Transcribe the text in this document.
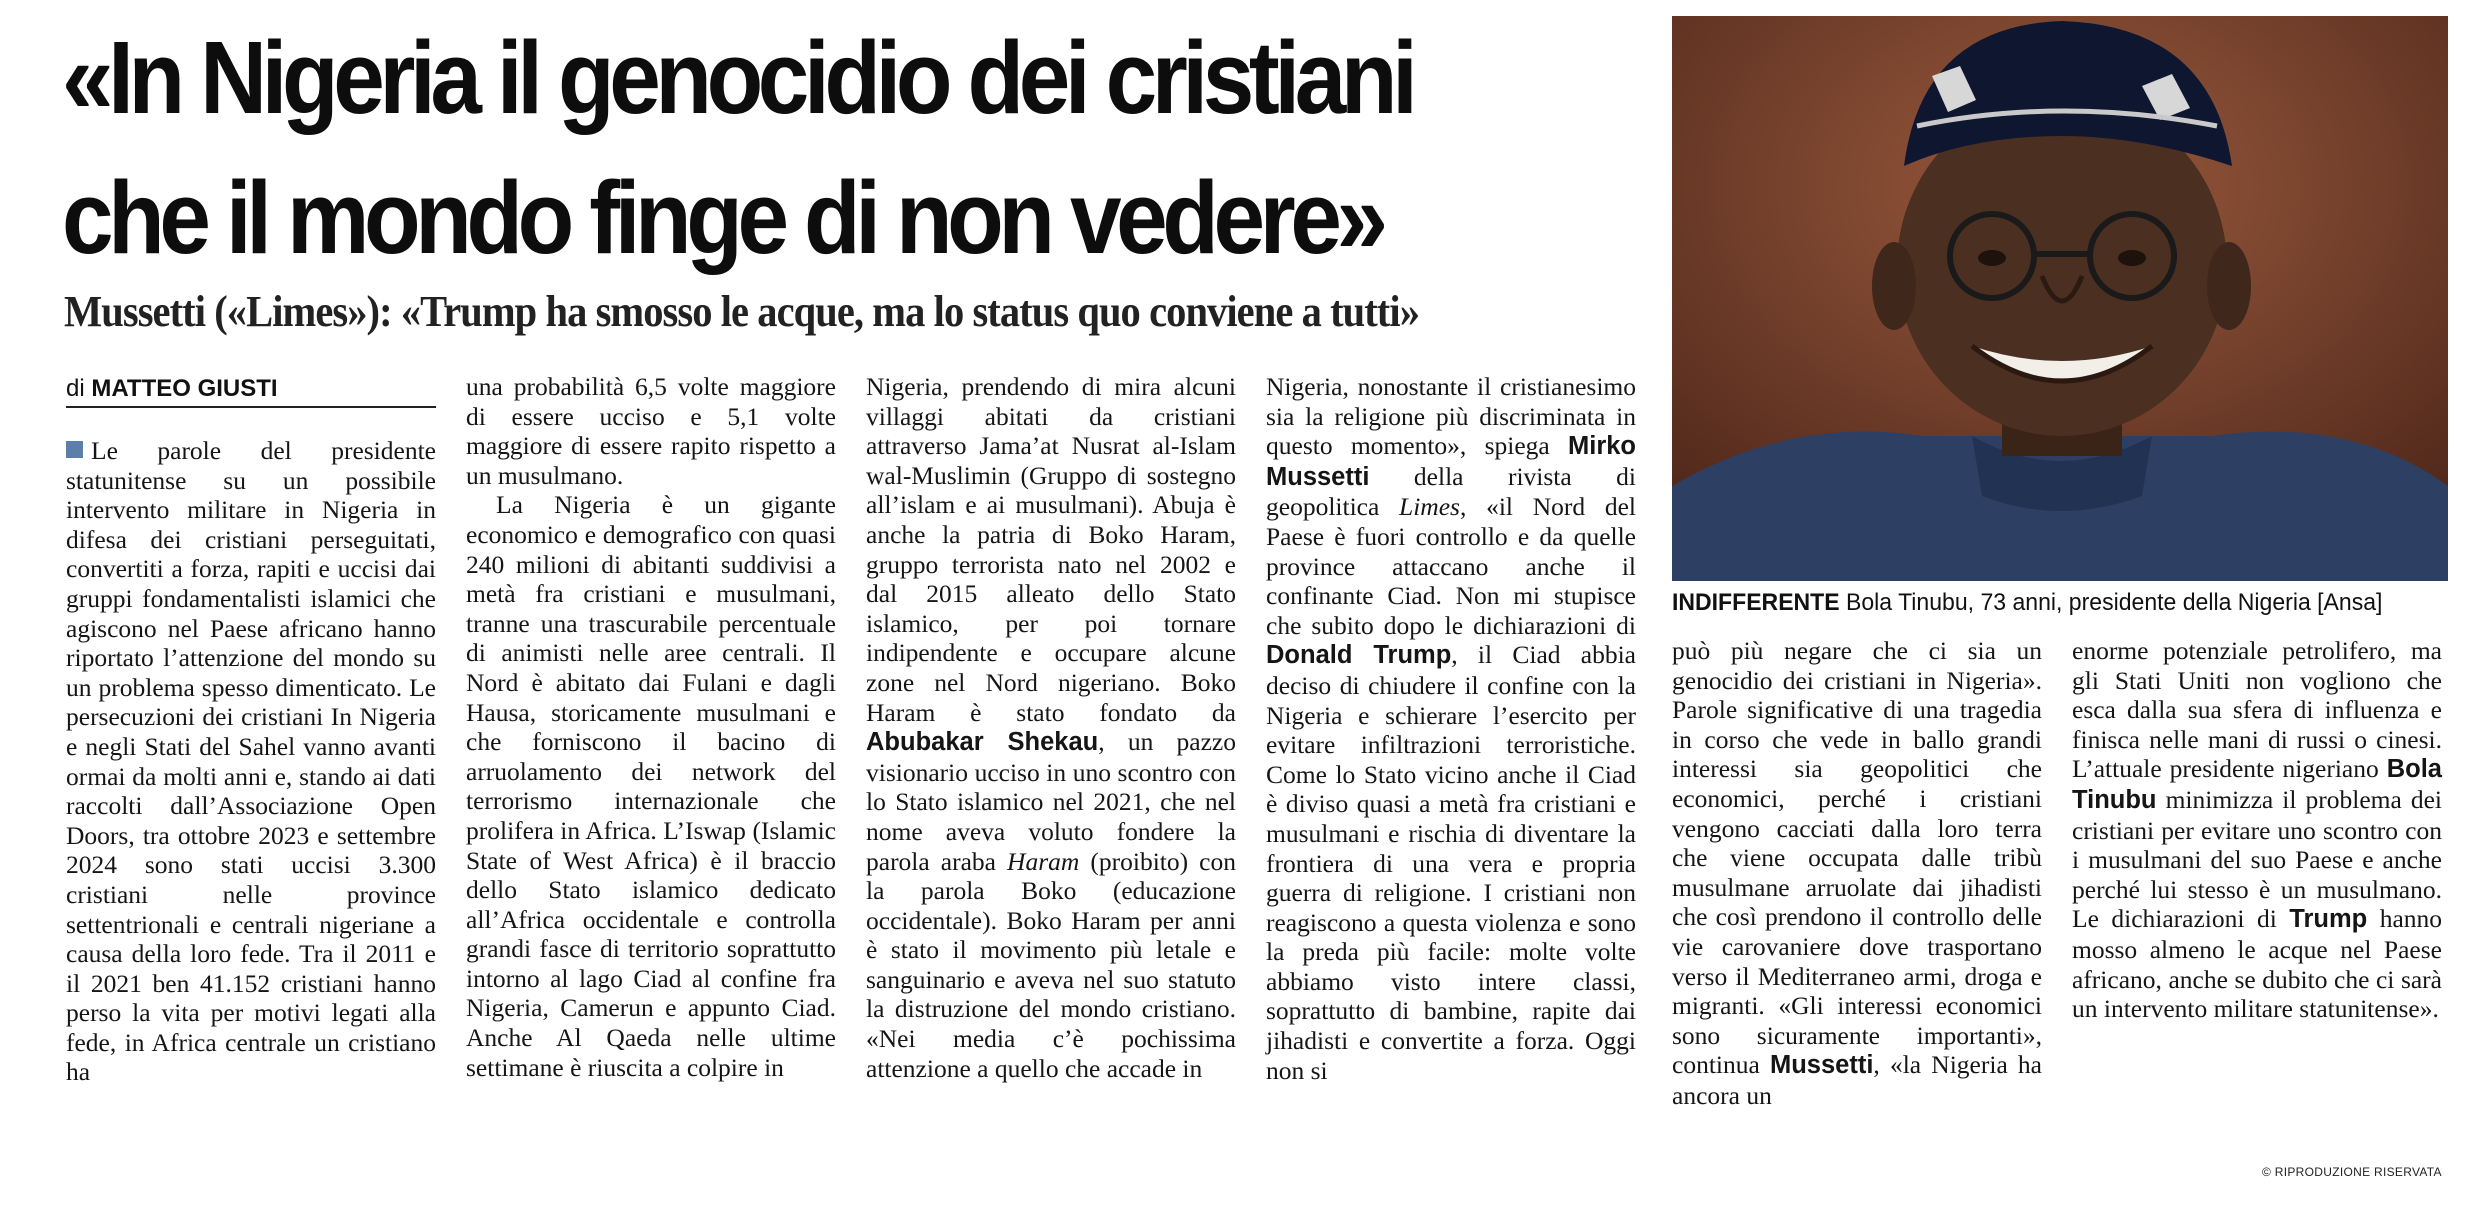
«In Nigeria il genocidio dei cristiani
che il mondo finge di non vedere»
Mussetti («Limes»): «Trump ha smosso le acque, ma lo status quo conviene a tutti»
di MATTEO GIUSTI

Le parole del presidente statunitense su un possibile intervento militare in Nigeria in difesa dei cristiani perseguitati, convertiti a forza, rapiti e uccisi dai gruppi fondamentalisti islamici che agiscono nel Paese africano hanno riportato l’attenzione del mondo su un problema spesso dimenticato. Le persecuzioni dei cristiani In Nigeria e negli Stati del Sahel vanno avanti ormai da molti anni e, stando ai dati raccolti dall’Associazione Open Doors, tra ottobre 2023 e settembre 2024 sono stati uccisi 3.300 cristiani nelle province settentrionali e centrali nigeriane a causa della loro fede. Tra il 2011 e il 2021 ben 41.152 cristiani hanno perso la vita per motivi legati alla fede, in Africa centrale un cristiano ha

una probabilità 6,5 volte maggiore di essere ucciso e 5,1 volte maggiore di essere rapito rispetto a un musulmano.

La Nigeria è un gigante economico e demografico con quasi 240 milioni di abitanti suddivisi a metà fra cristiani e musulmani, tranne una trascurabile percentuale di animisti nelle aree centrali. Il Nord è abitato dai Fulani e dagli Hausa, storicamente musulmani e che forniscono il bacino di arruolamento dei network del terrorismo internazionale che prolifera in Africa. L’Iswap (Islamic State of West Africa) è il braccio dello Stato islamico dedicato all’Africa occidentale e controlla grandi fasce di territorio soprattutto intorno al lago Ciad al confine fra Nigeria, Camerun e appunto Ciad. Anche Al Qaeda nelle ultime settimane è riuscita a colpire in

Nigeria, prendendo di mira alcuni villaggi abitati da cristiani attraverso Jama’at Nusrat al-Islam wal-Muslimin (Gruppo di sostegno all’islam e ai musulmani). Abuja è anche la patria di Boko Haram, gruppo terrorista nato nel 2002 e dal 2015 alleato dello Stato islamico, per poi tornare indipendente e occupare alcune zone nel Nord nigeriano. Boko Haram è stato fondato da Abubakar Shekau, un pazzo visionario ucciso in uno scontro con lo Stato islamico nel 2021, che nel nome aveva voluto fondere la parola araba Haram (proibito) con la parola Boko (educazione occidentale). Boko Haram per anni è stato il movimento più letale e sanguinario e aveva nel suo statuto la distruzione del mondo cristiano. «Nei media c’è pochissima attenzione a quello che accade in

Nigeria, nonostante il cristianesimo sia la religione più discriminata in questo momento», spiega Mirko Mussetti della rivista di geopolitica Limes, «il Nord del Paese è fuori controllo e da quelle province attaccano anche il confinante Ciad. Non mi stupisce che subito dopo le dichiarazioni di Donald Trump, il Ciad abbia deciso di chiudere il confine con la Nigeria e schierare l’esercito per evitare infiltrazioni terroristiche. Come lo Stato vicino anche il Ciad è diviso quasi a metà fra cristiani e musulmani e rischia di diventare la frontiera di una vera e propria guerra di religione. I cristiani non reagiscono a questa violenza e sono la preda più facile: molte volte abbiamo visto intere classi, soprattutto di bambine, rapite dai jihadisti e convertite a forza. Oggi non si

INDIFFERENTE Bola Tinubu, 73 anni, presidente della Nigeria [Ansa]

può più negare che ci sia un genocidio dei cristiani in Nigeria». Parole significative di una tragedia in corso che vede in ballo grandi interessi sia geopolitici che economici, perché i cristiani vengono cacciati dalla loro terra che viene occupata dalle tribù musulmane arruolate dai jihadisti che così prendono il controllo delle vie carovaniere dove trasportano verso il Mediterraneo armi, droga e migranti. «Gli interessi economici sono sicuramente importanti», continua Mussetti, «la Nigeria ha ancora un

enorme potenziale petrolifero, ma gli Stati Uniti non vogliono che esca dalla sua sfera di influenza e finisca nelle mani di russi o cinesi. L’attuale presidente nigeriano Bola Tinubu minimizza il problema dei cristiani per evitare uno scontro con i musulmani del suo Paese e anche perché lui stesso è un musulmano. Le dichiarazioni di Trump hanno mosso almeno le acque nel Paese africano, anche se dubito che ci sarà un intervento militare statunitense».

© RIPRODUZIONE RISERVATA
